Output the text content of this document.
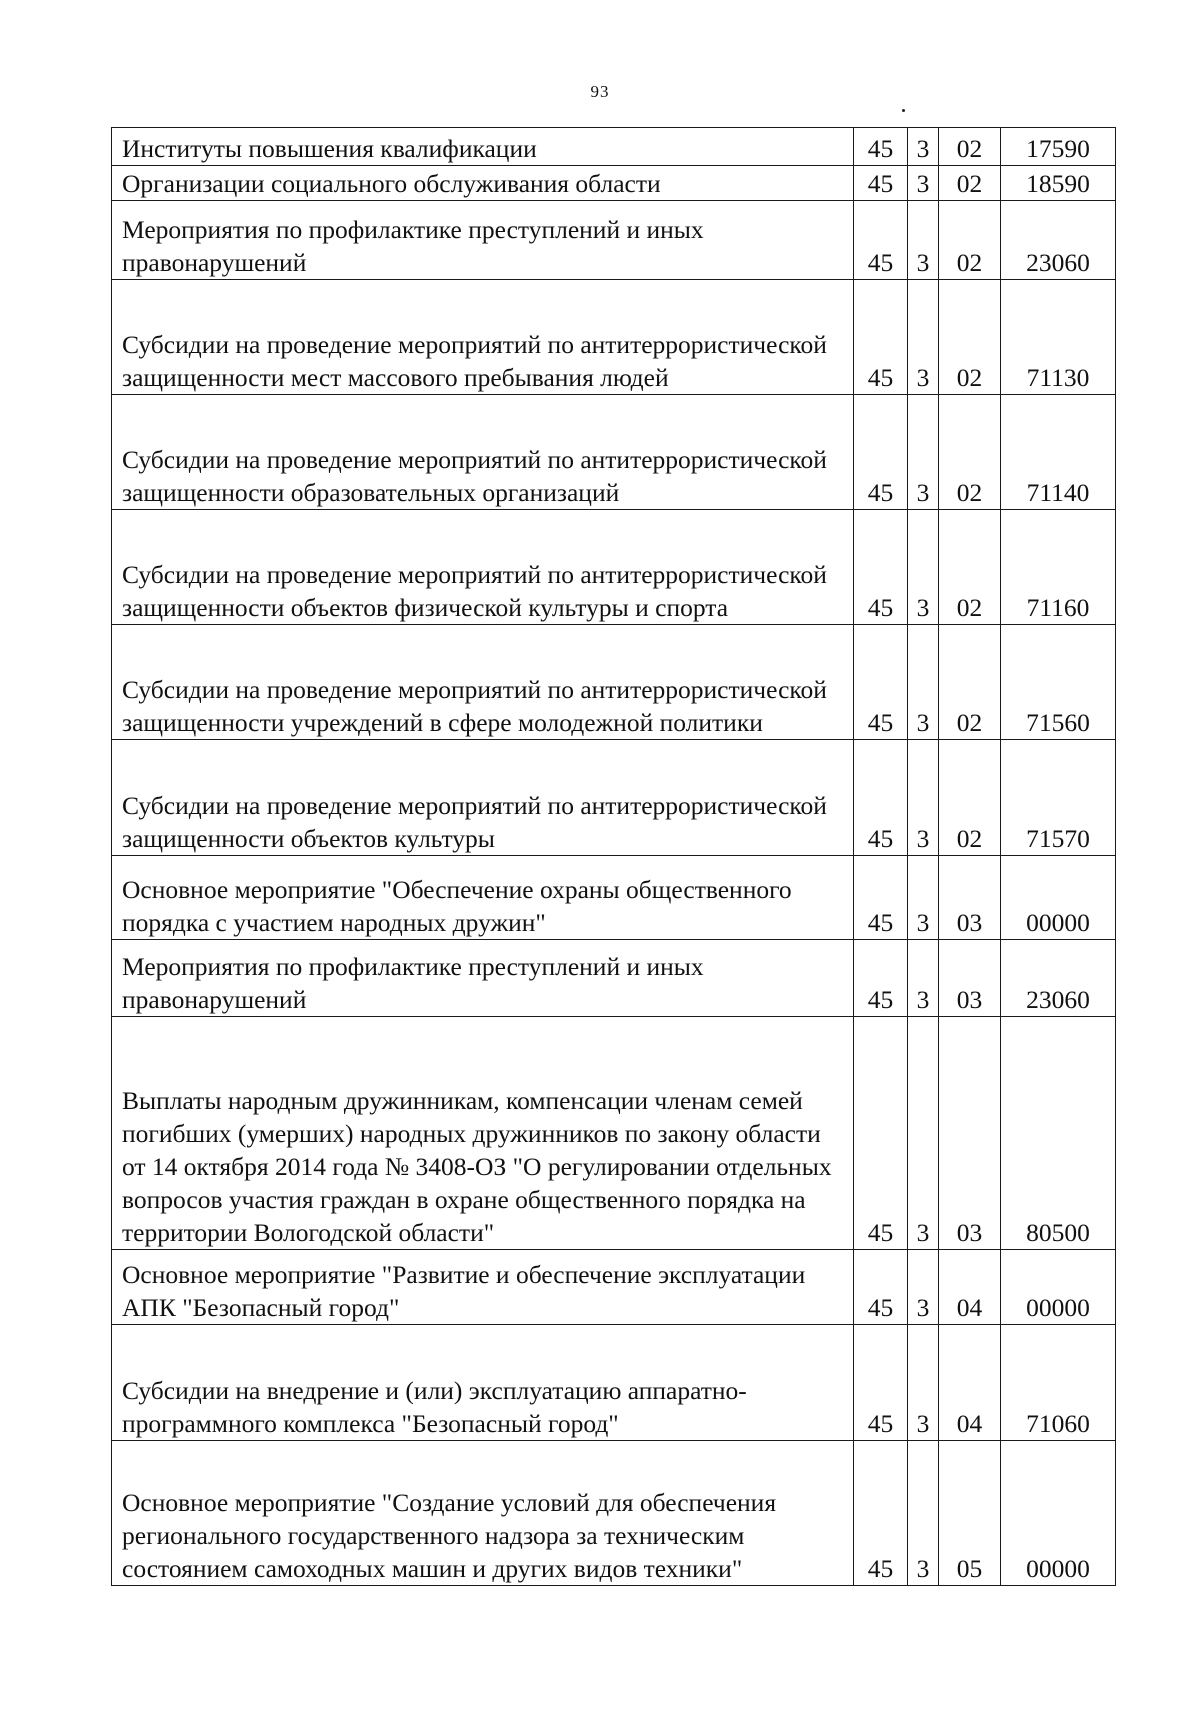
93
Институты повышения квалификации	45	3	02	17590
Организации социального обслуживания области	45	3	02	18590
Мероприятия по профилактике преступлений и иных правонарушений	45	3	02	23060
Субсидии на проведение мероприятий по антитеррористической защищенности мест массового пребывания людей	45	3	02	71130
Субсидии на проведение мероприятий по антитеррористической защищенности образовательных организаций	45	3	02	71140
Субсидии на проведение мероприятий по антитеррористической защищенности объектов физической культуры и спорта	45	3	02	71160
Субсидии на проведение мероприятий по антитеррористической защищенности учреждений в сфере молодежной политики	45	3	02	71560
Субсидии на проведение мероприятий по антитеррористической защищенности объектов культуры	45	3	02	71570
Основное мероприятие "Обеспечение охраны общественного порядка с участием народных дружин"	45	3	03	00000
Мероприятия по профилактике преступлений и иных правонарушений	45	3	03	23060
Выплаты народным дружинникам, компенсации членам семей погибших (умерших) народных дружинников по закону области от 14 октября 2014 года № 3408-ОЗ "О регулировании отдельных вопросов участия граждан в охране общественного порядка на территории Вологодской области"	45	3	03	80500
Основное мероприятие "Развитие и обеспечение эксплуатации АПК "Безопасный город"	45	3	04	00000
Субсидии на внедрение и (или) эксплуатацию аппаратно-программного комплекса "Безопасный город"	45	3	04	71060
Основное мероприятие "Создание условий для обеспечения регионального государственного надзора за техническим состоянием самоходных машин и других видов техники"	45	3	05	00000
